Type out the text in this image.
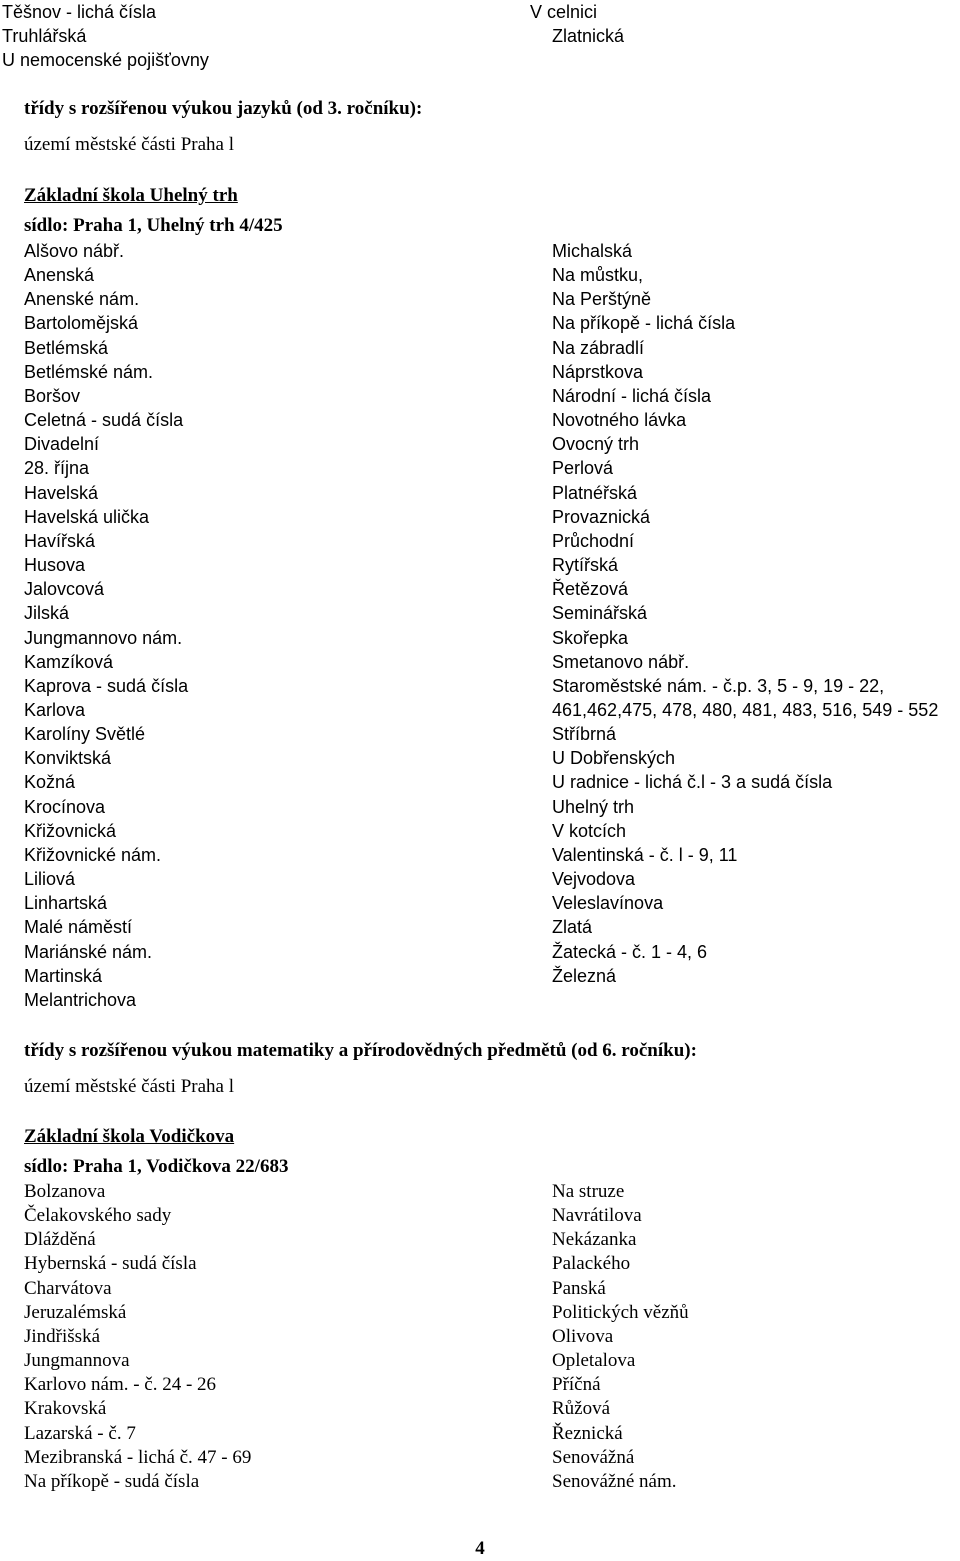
Těšnov - lichá čísla
Truhlářská
U nemocenské pojišťovny
V celnici
Zlatnická
třídy s rozšířenou výukou jazyků (od 3. ročníku):
území městské části Praha l
Základní škola Uhelný trh
sídlo: Praha 1, Uhelný trh 4/425
Alšovo nábř.
Anenská
Anenské nám.
Bartolomějská
Betlémská
Betlémské nám.
Boršov
Celetná - sudá čísla
Divadelní
28. října
Havelská
Havelská ulička
Havířská
Husova
Jalovcová
Jilská
Jungmannovo nám.
Kamzíková
Kaprova - sudá čísla
Karlova
Karolíny Světlé
Konviktská
Kožná
Krocínova
Křižovnická
Křižovnické nám.
Liliová
Linhartská
Malé náměstí
Mariánské nám.
Martinská
Melantrichova
Michalská
Na můstku,
Na Perštýně
Na příkopě - lichá čísla
Na zábradlí
Náprstkova
Národní - lichá čísla
Novotného lávka
Ovocný trh
Perlová
Platnéřská
Provaznická
Průchodní
Rytířská
Řetězová
Seminářská
Skořepka
Smetanovo nábř.
Staroměstské nám. - č.p. 3, 5 - 9, 19 - 22,
461,462,475, 478, 480, 481, 483, 516, 549 - 552
Stříbrná
U Dobřenských
U radnice - lichá č.l - 3 a sudá čísla
Uhelný trh
V kotcích
Valentinská - č. l - 9, 11
Vejvodova
Veleslavínova
Zlatá
Žatecká - č. 1 - 4, 6
Železná
třídy s rozšířenou výukou matematiky a přírodovědných předmětů (od 6. ročníku):
území městské části Praha l
Základní škola Vodičkova
sídlo: Praha 1, Vodičkova 22/683
Bolzanova
Čelakovského sady
Dlážděná
Hybernská - sudá čísla
Charvátova
Jeruzalémská
Jindřišská
Jungmannova
Karlovo nám. - č. 24 - 26
Krakovská
Lazarská - č. 7
Mezibranská - lichá č. 47 - 69
Na příkopě - sudá čísla
Na struze
Navrátilova
Nekázanka
Palackého
Panská
Politických vězňů
Olivova
Opletalova
Příčná
Růžová
Řeznická
Senovážná
Senovážné nám.
4
